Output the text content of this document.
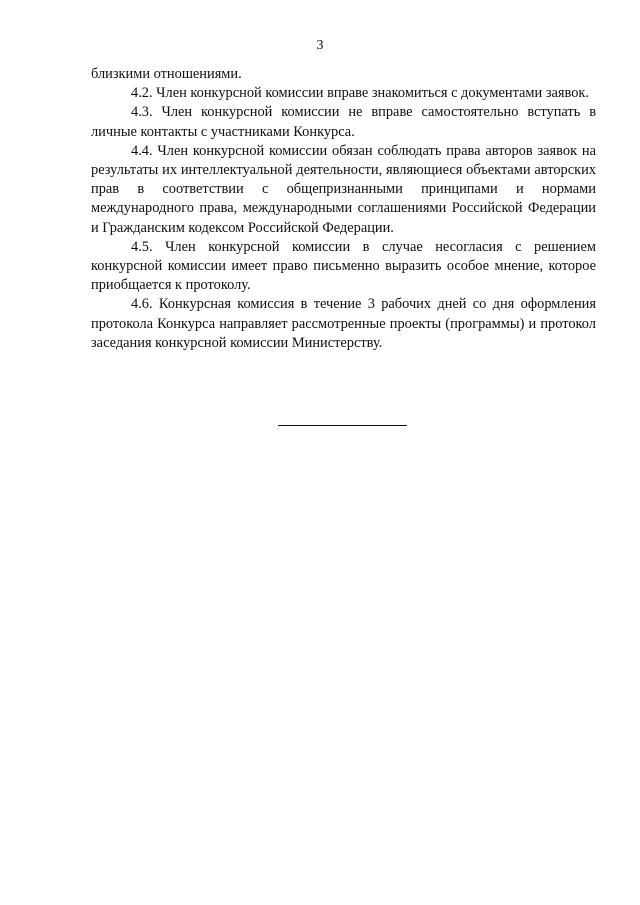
3

близкими отношениями.

4.2. Член конкурсной комиссии вправе знакомиться с документами заявок.

4.3. Член конкурсной комиссии не вправе самостоятельно вступать в личные контакты с участниками Конкурса.

4.4. Член конкурсной комиссии обязан соблюдать права авторов заявок на результаты их интеллектуальной деятельности, являющиеся объектами авторских прав в соответствии с общепризнанными принципами и нормами международного права, международными соглашениями Российской Федерации и Гражданским кодексом Российской Федерации.

4.5. Член конкурсной комиссии в случае несогласия с решением конкурсной комиссии имеет право письменно выразить особое мнение, которое приобщается к протоколу.

4.6. Конкурсная комиссия в течение 3 рабочих дней со дня оформления протокола Конкурса направляет рассмотренные проекты (программы) и протокол заседания конкурсной комиссии Министерству.
